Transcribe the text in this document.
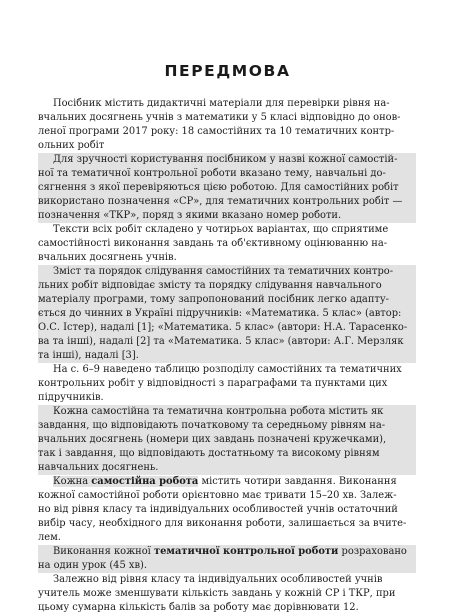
ПЕРЕДМОВА
Посібник містить дидактичні матеріали для перевірки рівня на-
вчальних досягнень учнів з математики у 5 класі відповідно до онов-
леної програми 2017 року: 18 самостійних та 10 тематичних контр-
ольних робіт
Для зручності користування посібником у назві кожної самостій-
ної та тематичної контрольної роботи вказано тему, навчальні до-
сягнення з якої перевіряються цією роботою. Для самостійних робіт
використано позначення «СР», для тематичних контрольних робіт —
позначення «ТКР», поряд з якими вказано номер роботи.
Тексти всіх робіт складено у чотирьох варіантах, що сприятиме
самостійності виконання завдань та об'єктивному оцінюванню на-
вчальних досягнень учнів.
Зміст та порядок слідування самостійних та тематичних контро-
льних робіт відповідає змісту та порядку слідування навчального
матеріалу програми, тому запропонований посібник легко адапту-
ється до чинних в Україні підручників: «Математика. 5 клас» (автор:
О.С. Істер), надалі [1]; «Математика. 5 клас» (автори: Н.А. Тарасенко-
ва та інші), надалі [2] та «Математика. 5 клас» (автори: А.Г. Мерзляк
та інші), надалі [3].
На с. 6–9 наведено таблицю розподілу самостійних та тематичних
контрольних робіт у відповідності з параграфами та пунктами цих
підручників.
Кожна самостійна та тематична контрольна робота містить як
завдання, що відповідають початковому та середньому рівням на-
вчальних досягнень (номери цих завдань позначені кружечками),
так і завдання, що відповідають достатньому та високому рівням
навчальних досягнень.
Кожна самостійна робота містить чотири завдання. Виконання
кожної самостійної роботи орієнтовно має тривати 15–20 хв. Залеж-
но від рівня класу та індивідуальних особливостей учнів остаточний
вибір часу, необхідного для виконання роботи, залишається за вчите-
лем.
Виконання кожної тематичної контрольної роботи розраховано
на один урок (45 хв).
Залежно від рівня класу та індивідуальних особливостей учнів
учитель може зменшувати кількість завдань у кожній СР і ТКР, при
цьому сумарна кількість балів за роботу має дорівнювати 12.
